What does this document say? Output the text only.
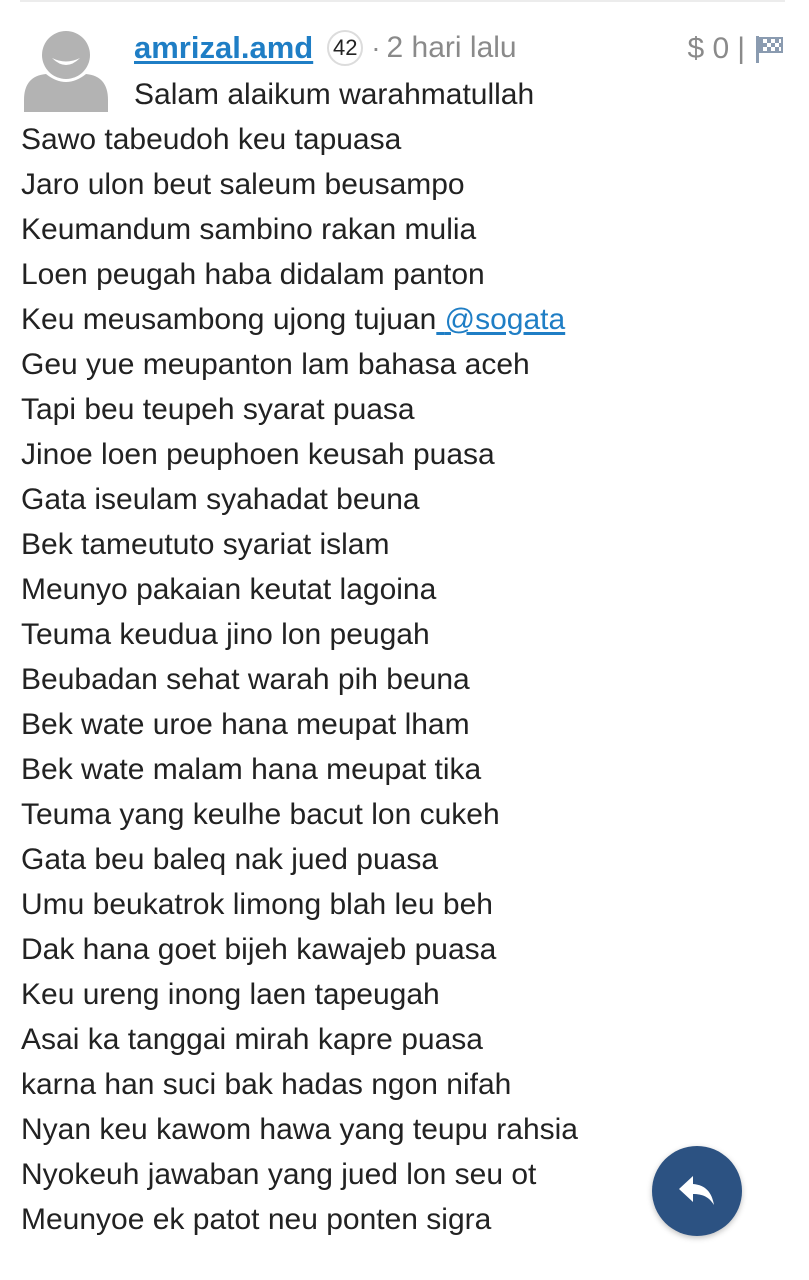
amrizal.amd 42 · 2 hari lalu	$ 0 |
Salam alaikum warahmatullah
Sawo tabeudoh keu tapuasa
Jaro ulon beut saleum beusampo
Keumandum sambino rakan mulia
Loen peugah haba didalam panton
Keu meusambong ujong tujuan @sogata
Geu yue meupanton lam bahasa aceh
Tapi beu teupeh syarat puasa
Jinoe loen peuphoen keusah puasa
Gata iseulam syahadat beuna
Bek tameututo syariat islam
Meunyo pakaian keutat lagoina
Teuma keudua jino lon peugah
Beubadan sehat warah pih beuna
Bek wate uroe hana meupat lham
Bek wate malam hana meupat tika
Teuma yang keulhe bacut lon cukeh
Gata beu baleq nak jued puasa
Umu beukatrok limong blah leu beh
Dak hana goet bijeh kawajeb puasa
Keu ureng inong laen tapeugah
Asai ka tanggai mirah kapre puasa
karna han suci bak hadas ngon nifah
Nyan keu kawom hawa yang teupu rahsia
Nyokeuh jawaban yang jued lon seu ot
Meunyoe ek patot neu ponten sigra
